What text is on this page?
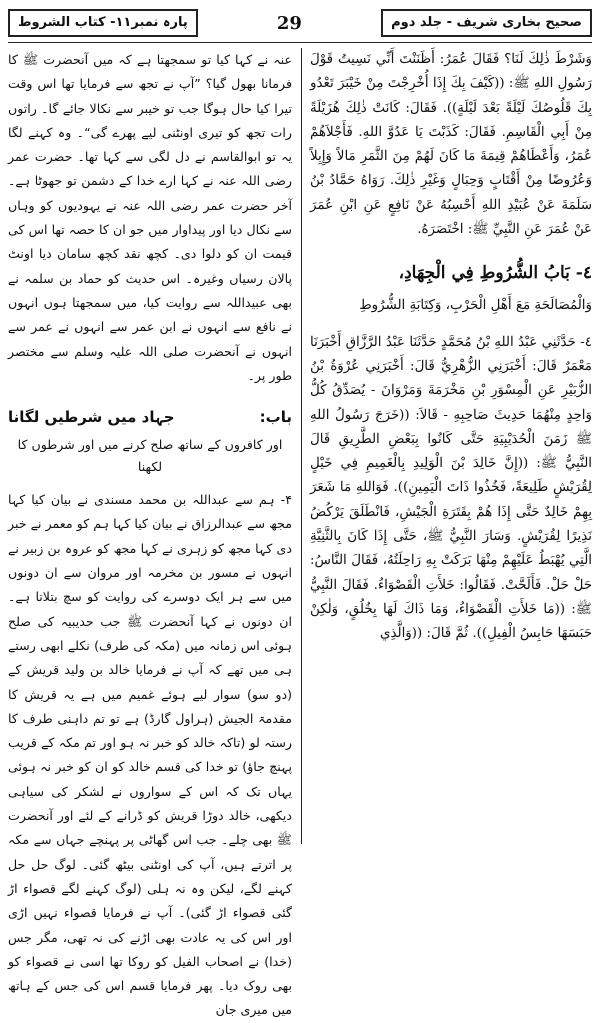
پارہ نمبر۱۱- کتاب الشروط	29	صحیح بخاری شریف - جلد دوم

وَشَرْطَ ذٰلِكَ لَنَا؟ فَقَالَ عُمَرُ: أَظَنَنْتَ أَنِّي نَسِيتُ قَوْلَ رَسُولِ اللهِ ﷺ: ((كَيْفَ بِكَ إِذَا أُخْرِجْتَ مِنْ خَيْبَرَ تَعْدُو بِكَ قَلُوصُكَ لَيْلَةً بَعْدَ لَيْلَةٍ)). فَقَالَ: كَانَتْ ذٰلِكَ هُزَيْلَةً مِنْ أَبِي الْقَاسِمِ. فَقَالَ: كَذَبْتَ يَا عَدُوَّ اللهِ. فَأَجْلاَهُمْ عُمَرُ، وَأَعْطَاهُمْ قِيمَةَ مَا كَانَ لَهُمْ مِنَ الثَّمَرِ مَالاً وَإِبِلاً وَعُرُوضًا مِنْ أَقْتَابٍ وَحِبَالٍ وَغَيْرِ ذٰلِكَ. رَوَاهُ حَمَّادُ بْنُ سَلَمَةَ عَنْ عُبَيْدِ اللهِ أَحْسِبُهُ عَنْ نَافِعٍ عَنِ ابْنِ عُمَرَ عَنْ عُمَرَ عَنِ النَّبِيِّ ﷺ: اخْتَصَرَهُ.

٤- بَابُ الشُّرُوطِ فِي الْجِهَادِ،

وَالْمُصَالَحَةِ مَعَ أَهْلِ الْحَرْبِ، وَكِتَابَةِ الشُّرُوطِ

٤- حَدَّثَنِي عَبْدُ اللهِ بْنُ مُحَمَّدٍ حَدَّثَنَا عَبْدُ الرَّزَّاقِ أَخْبَرَنَا مَعْمَرٌ قَالَ: أَخْبَرَنِي الزُّهْرِيُّ قَالَ: أَخْبَرَنِي عُرْوَةُ بْنُ الزُّبَيْرِ عَنِ الْمِسْوَرِ بْنِ مَخْرَمَةَ وَمَرْوَانَ - يُصَدِّقُ كُلُّ وَاحِدٍ مِنْهُمَا حَدِيثَ صَاحِبِهِ - قَالاَ: ((خَرَجَ رَسُولُ اللهِ ﷺ زَمَنَ الْحُدَيْبِيَةِ حَتَّى كَانُوا بِبَعْضِ الطَّرِيقِ قَالَ النَّبِيُّ ﷺ: ((إِنَّ خَالِدَ بْنَ الْوَلِيدِ بِالْغَمِيمِ فِي خَيْلٍ لِقُرَيْشٍ طَلِيعَةً، فَخُذُوا ذَاتَ الْيَمِينِ)). فَوَاللهِ مَا شَعَرَ بِهِمْ خَالِدٌ حَتَّى إِذَا هُمْ بِقَتَرَةِ الْجَيْشِ، فَانْطَلَقَ يَرْكُضُ نَذِيرًا لِقُرَيْشٍ. وَسَارَ النَّبِيُّ ﷺ، حَتَّى إِذَا كَانَ بِالثَّنِيَّةِ الَّتِي يُهْبَطُ عَلَيْهِمْ مِنْهَا بَرَكَتْ بِهِ رَاحِلَتُهُ، فَقَالَ النَّاسُ: حَلْ حَلْ. فَأَلَحَّتْ. فَقَالُوا: خَلأَتِ الْقَصْوَاءُ. فَقَالَ النَّبِيُّ ﷺ: ((مَا خَلأَتِ الْقَصْوَاءُ، وَمَا ذَاكَ لَهَا بِخُلُقٍ، وَلٰكِنْ حَبَسَهَا حَابِسُ الْفِيلِ)). ثُمَّ قَالَ: ((وَالَّذِي

عنہ نے کہا کیا تو سمجھتا ہے کہ میں آنحضرت ﷺ کا فرمانا بھول گیا؟ ”آپ نے تجھ سے فرمایا تھا اس وقت تیرا کیا حال ہوگا جب تو خیبر سے نکالا جائے گا۔ راتوں رات تجھ کو تیری اونٹنی لیے پھرے گی“۔ وہ کہنے لگا یہ تو ابوالقاسم نے دل لگی سے کہا تھا۔ حضرت عمر رضی اللہ عنہ نے کہا ارے خدا کے دشمن تو جھوٹا ہے۔ آخر حضرت عمر رضی اللہ عنہ نے یہودیوں کو وہاں سے نکال دیا اور پیداوار میں جو ان کا حصہ تھا اس کی قیمت ان کو دلوا دی۔ کچھ نقد کچھ سامان دیا اونٹ پالان رسیاں وغیرہ۔ اس حدیث کو حماد بن سلمہ نے بھی عبیداللہ سے روایت کیا، میں سمجھتا ہوں انہوں نے نافع سے انہوں نے ابن عمر سے انہوں نے عمر سے انہوں نے آنحضرت صلی اللہ علیہ وسلم سے مختصر طور پر۔

باب:
جہاد میں شرطیں لگانا
اور کافروں کے ساتھ صلح کرنے میں اور شرطوں کا لکھنا

۴- ہم سے عبداللہ بن محمد مسندی نے بیان کیا کہا مجھ سے عبدالرزاق نے بیان کیا کہا ہم کو معمر نے خبر دی کہا مجھ کو زہری نے کہا مجھ کو عروہ بن زبیر نے انہوں نے مسور بن مخرمہ اور مروان سے ان دونوں میں سے ہر ایک دوسرے کی روایت کو سچ بتلاتا ہے۔ ان دونوں نے کہا آنحضرت ﷺ جب حدیبیہ کی صلح ہوئی اس زمانہ میں (مکہ کی طرف) نکلے ابھی رستے ہی میں تھے کہ آپ نے فرمایا خالد بن ولید قریش کے (دو سو) سوار لیے ہوئے غمیم میں ہے یہ قریش کا مقدمۃ الجیش (ہراول گارڈ) ہے تو تم داہنی طرف کا رستہ لو (تاکہ خالد کو خبر نہ ہو اور تم مکہ کے قریب پہنچ جاؤ) تو خدا کی قسم خالد کو ان کو خبر نہ ہوئی یہاں تک کہ اس کے سواروں نے لشکر کی سیاہی دیکھی، خالد دوڑا قریش کو ڈرانے کے لئے اور آنحضرت ﷺ بھی چلے۔ جب اس گھاٹی پر پہنچے جہاں سے مکہ پر اترتے ہیں، آپ کی اونٹنی بیٹھ گئی۔ لوگ حل حل کہنے لگے، لیکن وہ نہ ہلی (لوگ کہنے لگے قصواء اڑ گئی قصواء اڑ گئی)۔ آپ نے فرمایا قصواء نہیں اڑی اور اس کی یہ عادت بھی اڑنے کی نہ تھی، مگر جس (خدا) نے اصحاب الفیل کو روکا تھا اسی نے قصواء کو بھی روک دیا۔ پھر فرمایا قسم اس کی جس کے ہاتھ میں میری جان
